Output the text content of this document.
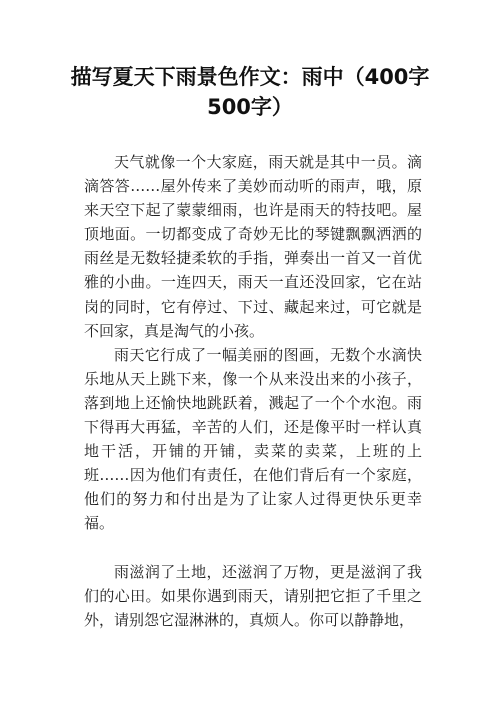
描写夏天下雨景色作文：雨中（400字500字）

天气就像一个大家庭，雨天就是其中一员。滴滴答答……屋外传来了美妙而动听的雨声，哦，原来天空下起了蒙蒙细雨，也许是雨天的特技吧。屋顶地面。一切都变成了奇妙无比的琴键飘飘洒洒的雨丝是无数轻捷柔软的手指，弹奏出一首又一首优雅的小曲。一连四天，雨天一直还没回家，它在站岗的同时，它有停过、下过、藏起来过，可它就是不回家，真是淘气的小孩。

雨天它行成了一幅美丽的图画，无数个水滴快乐地从天上跳下来，像一个从来没出来的小孩子，落到地上还愉快地跳跃着，溅起了一个个水泡。雨下得再大再猛，辛苦的人们，还是像平时一样认真地干活，开铺的开铺，卖菜的卖菜，上班的上班……因为他们有责任，在他们背后有一个家庭，他们的努力和付出是为了让家人过得更快乐更幸福。

雨滋润了土地，还滋润了万物，更是滋润了我们的心田。如果你遇到雨天，请别把它拒了千里之外，请别怨它湿淋淋的，真烦人。你可以静静地，
